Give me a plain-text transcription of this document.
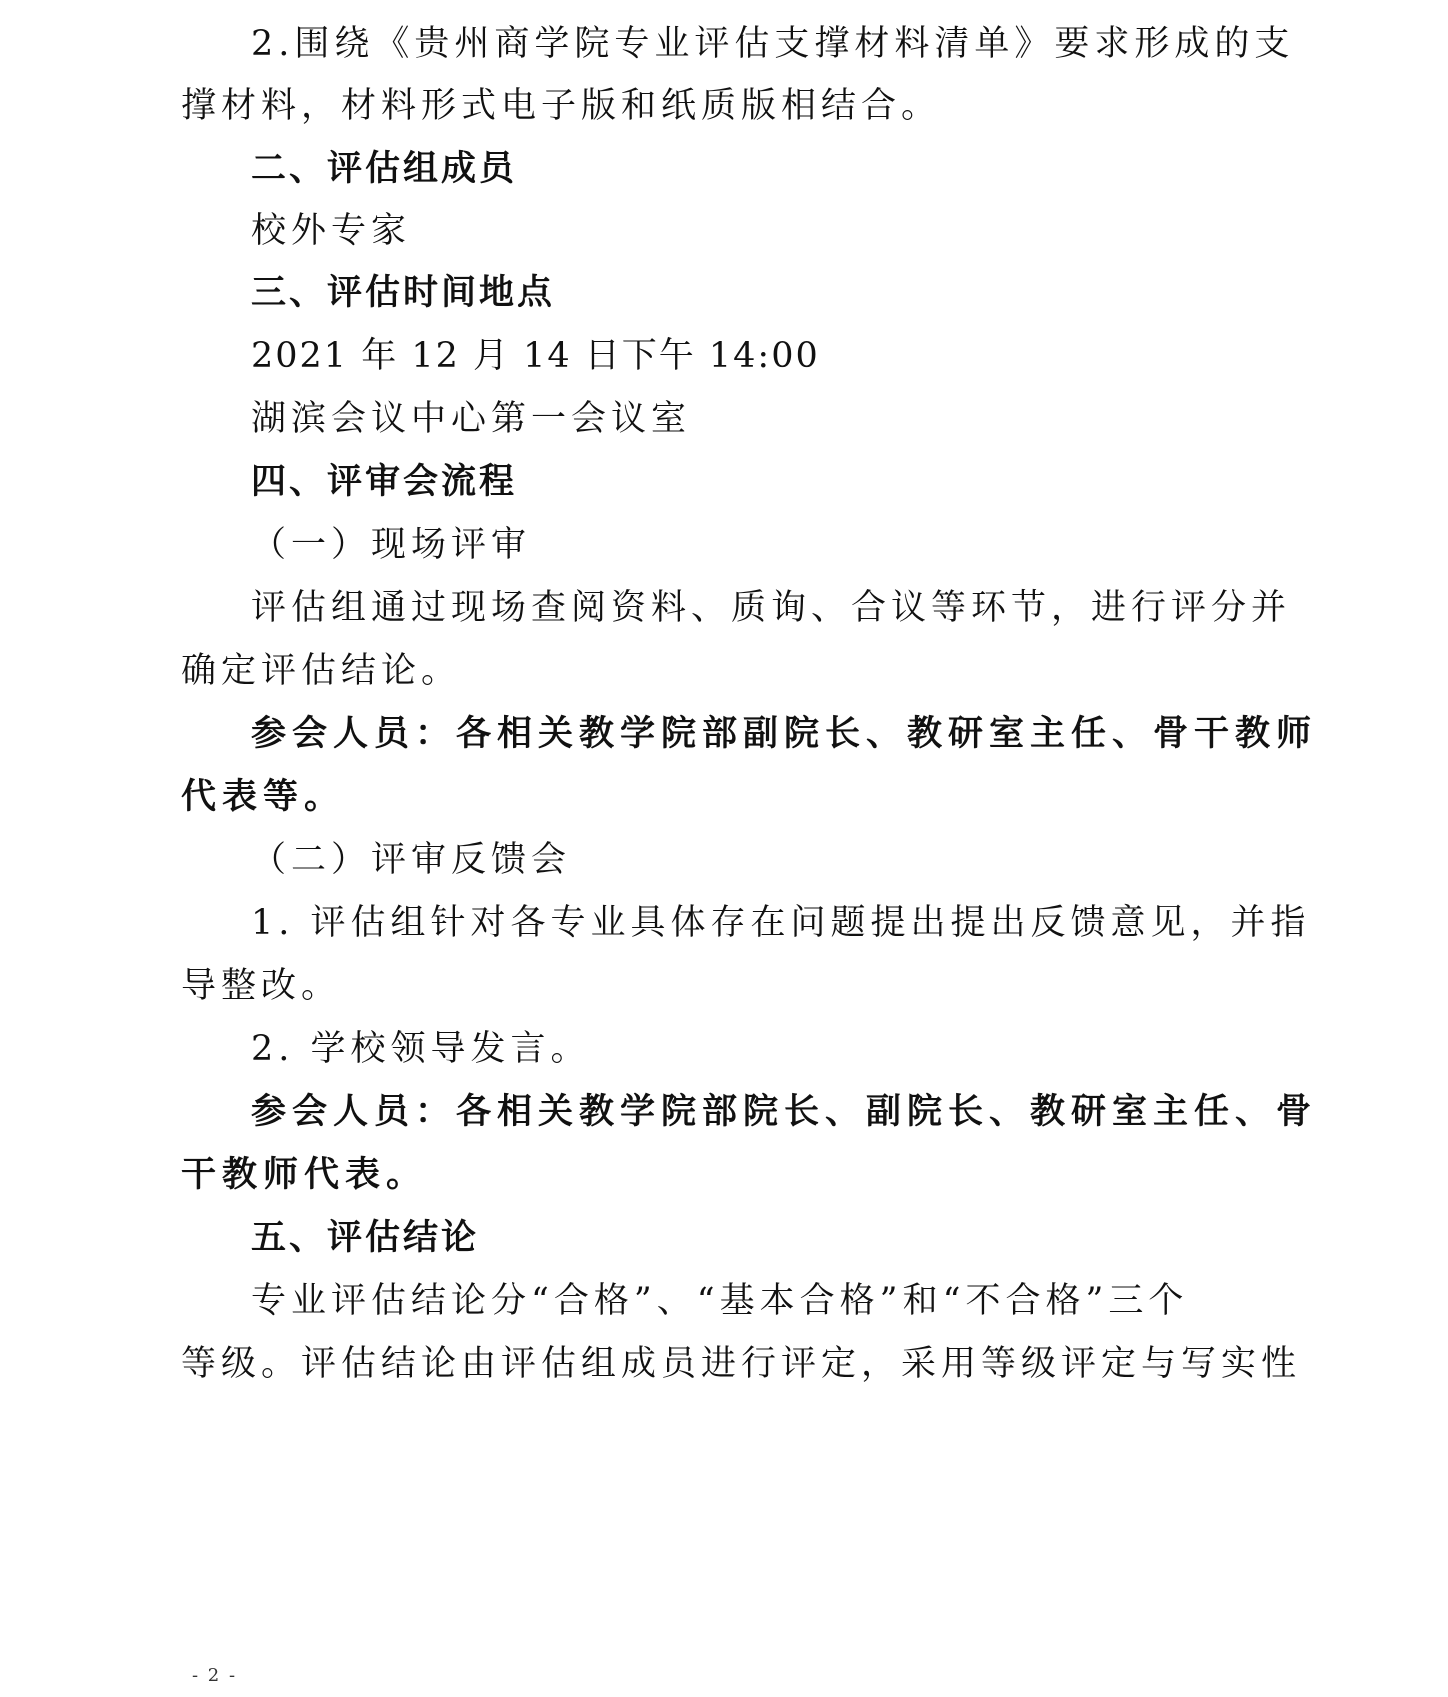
2.围绕《贵州商学院专业评估支撑材料清单》要求形成的支
撑材料，材料形式电子版和纸质版相结合。
二、评估组成员
校外专家
三、评估时间地点
2021 年 12 月 14 日下午 14:00
湖滨会议中心第一会议室
四、评审会流程
（一）现场评审
评估组通过现场查阅资料、质询、合议等环节，进行评分并
确定评估结论。
参会人员：各相关教学院部副院长、教研室主任、骨干教师
代表等。
（二）评审反馈会
1. 评估组针对各专业具体存在问题提出提出反馈意见，并指
导整改。
2. 学校领导发言。
参会人员：各相关教学院部院长、副院长、教研室主任、骨
干教师代表。
五、评估结论
专业评估结论分“合格”、“基本合格”和“不合格”三个
等级。评估结论由评估组成员进行评定，采用等级评定与写实性
- 2 -
